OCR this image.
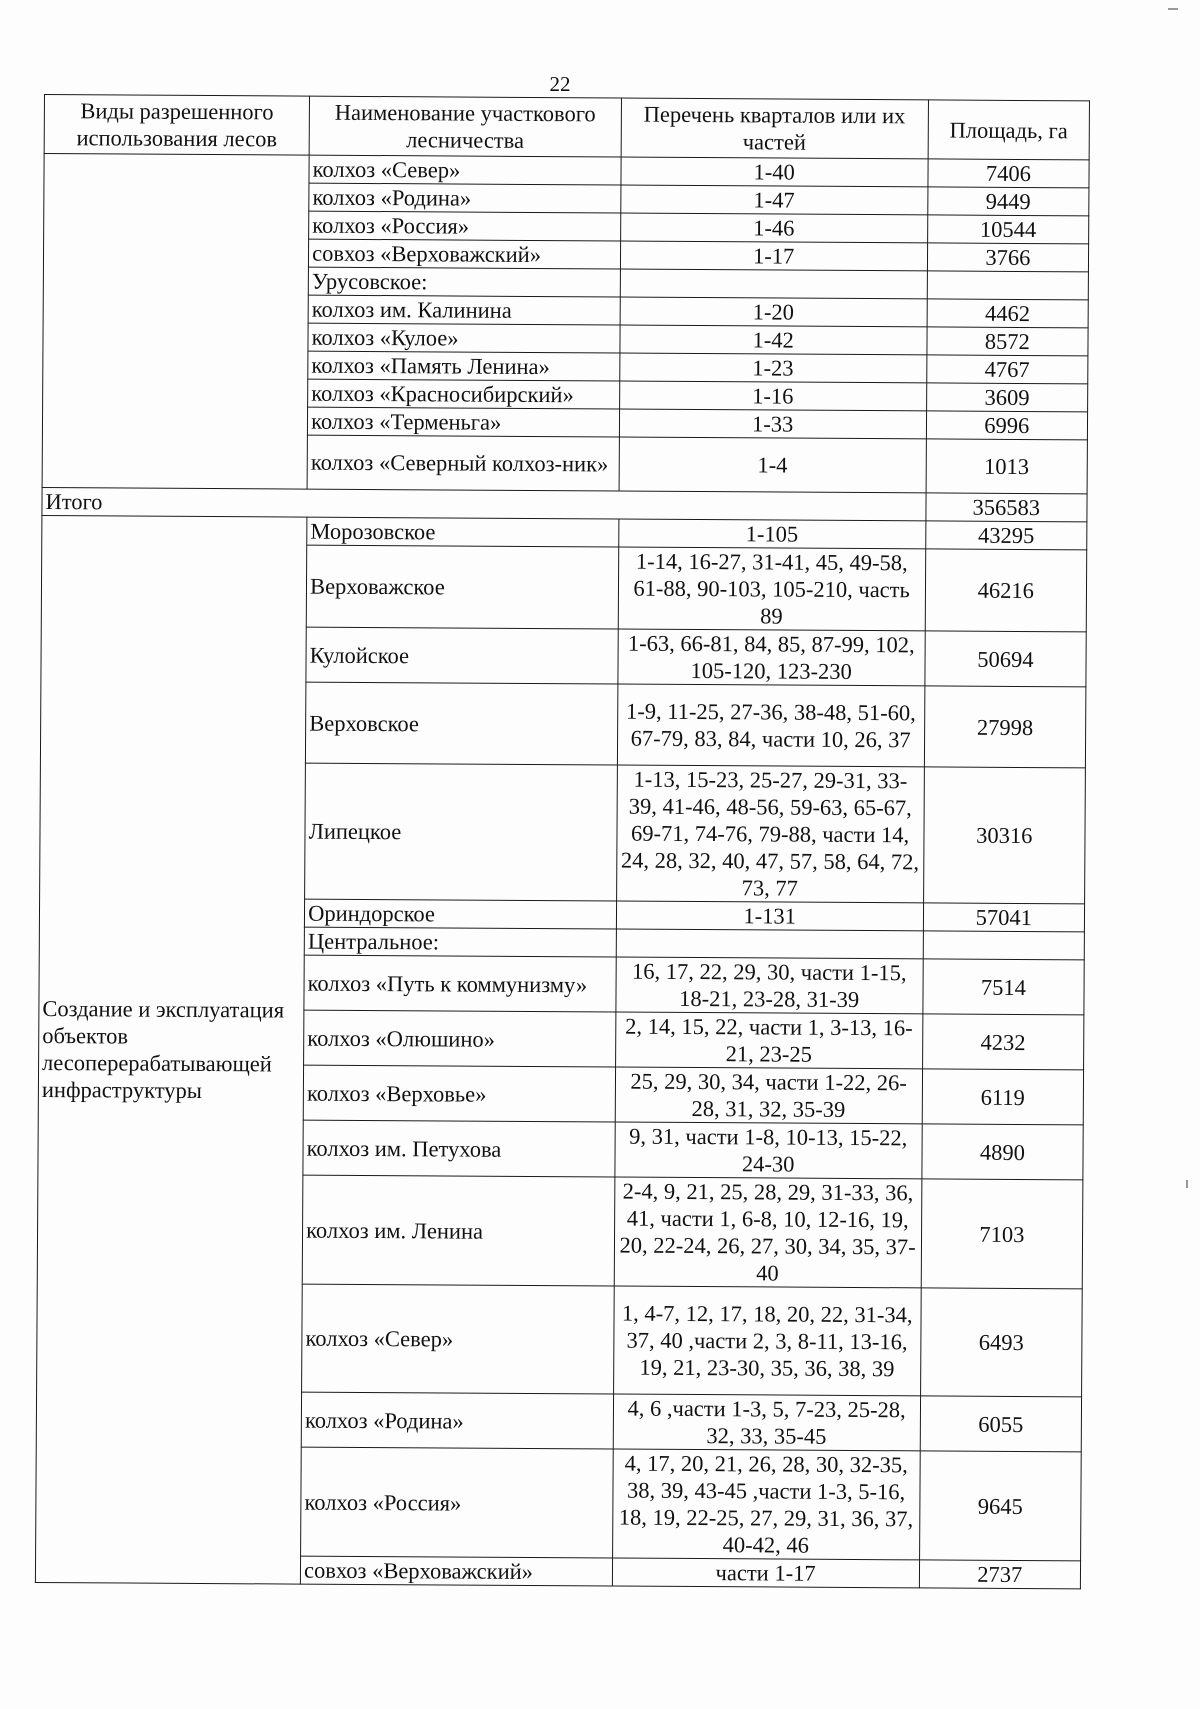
22
Виды разрешенного использования лесов	Наименование участкового лесничества	Перечень кварталов или их частей	Площадь, га
	колхоз «Север»	1-40	7406
	колхоз «Родина»	1-47	9449
	колхоз «Россия»	1-46	10544
	совхоз «Верховажский»	1-17	3766
	Урусовское:		
	колхоз им. Калинина	1-20	4462
	колхоз «Кулое»	1-42	8572
	колхоз «Память Ленина»	1-23	4767
	колхоз «Красносибирский»	1-16	3609
	колхоз «Терменьга»	1-33	6996
	колхоз «Северный колхоз-ник»	1-4	1013
Итого			356583
Создание и эксплуатация объектов лесоперерабатывающей инфраструктуры	Морозовское	1-105	43295
	Верховажское	1-14, 16-27, 31-41, 45, 49-58, 61-88, 90-103, 105-210, часть 89	46216
	Кулойское	1-63, 66-81, 84, 85, 87-99, 102, 105-120, 123-230	50694
	Верховское	1-9, 11-25, 27-36, 38-48, 51-60, 67-79, 83, 84, части 10, 26, 37	27998
	Липецкое	1-13, 15-23, 25-27, 29-31, 33-39, 41-46, 48-56, 59-63, 65-67, 69-71, 74-76, 79-88, части 14, 24, 28, 32, 40, 47, 57, 58, 64, 72, 73, 77	30316
	Ориндорское	1-131	57041
	Центральное:		
	колхоз «Путь к коммунизму»	16, 17, 22, 29, 30, части 1-15, 18-21, 23-28, 31-39	7514
	колхоз «Олюшино»	2, 14, 15, 22, части 1, 3-13, 16-21, 23-25	4232
	колхоз «Верховье»	25, 29, 30, 34, части 1-22, 26-28, 31, 32, 35-39	6119
	колхоз им. Петухова	9, 31, части 1-8, 10-13, 15-22, 24-30	4890
	колхоз им. Ленина	2-4, 9, 21, 25, 28, 29, 31-33, 36, 41, части 1, 6-8, 10, 12-16, 19, 20, 22-24, 26, 27, 30, 34, 35, 37-40	7103
	колхоз «Север»	1, 4-7, 12, 17, 18, 20, 22, 31-34, 37, 40 ,части 2, 3, 8-11, 13-16, 19, 21, 23-30, 35, 36, 38, 39	6493
	колхоз «Родина»	4, 6 ,части 1-3, 5, 7-23, 25-28, 32, 33, 35-45	6055
	колхоз «Россия»	4, 17, 20, 21, 26, 28, 30, 32-35, 38, 39, 43-45 ,части 1-3, 5-16, 18, 19, 22-25, 27, 29, 31, 36, 37, 40-42, 46	9645
	совхоз «Верховажский»	части 1-17	2737
